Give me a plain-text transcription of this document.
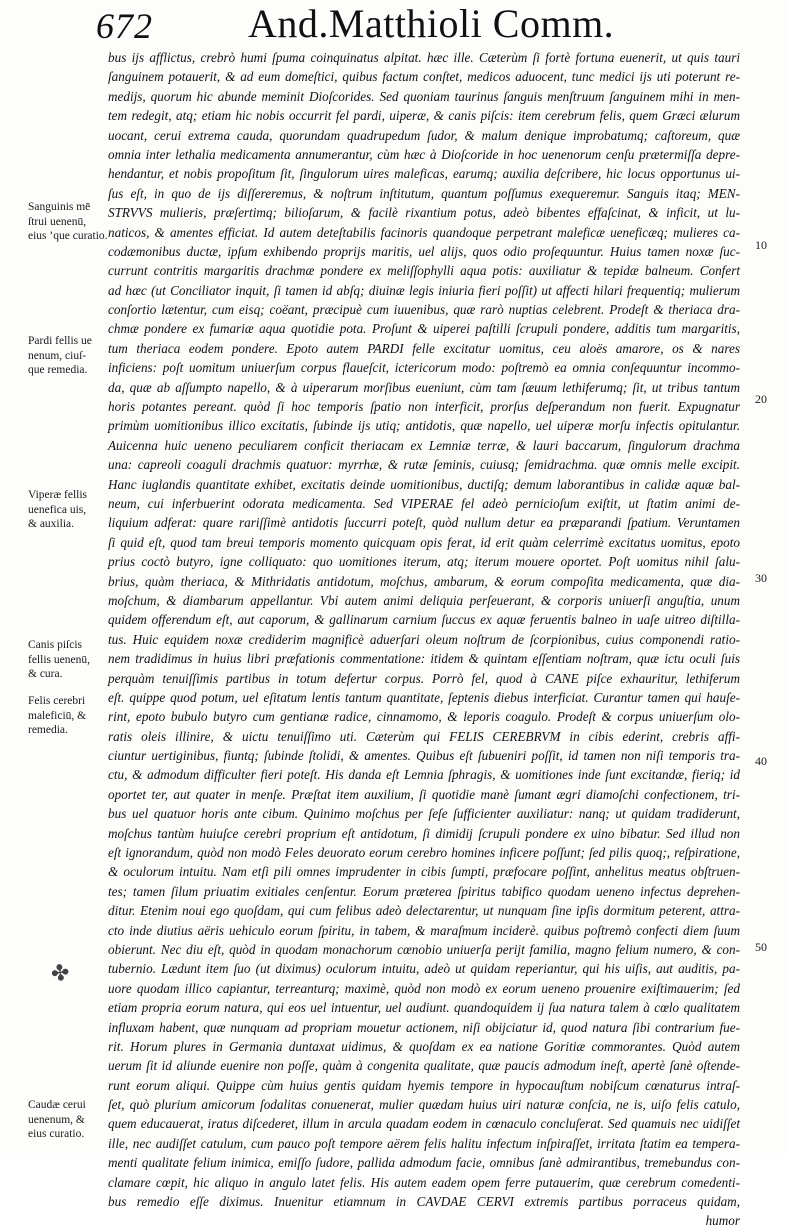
672 And.Matthioli Comm.
Sanguinis mē
ſtrui uenenū,
eius ’que curatio.
Pardi fellis ue
nenum, ciuſ-
que remedia.
Viperæ fellis
uenefica uis,
& auxilia.
Canis piſcis
fellis uenenū,
& cura.
Felis cerebri
maleficiū, &
remedia.
Caudæ cerui
uenenum, &
eius curatio.
✤
10
20
30
40
50
bus ijs afflictus, crebrò humi ſpuma coinquinatus alpitat. hæc ille. Cæterùm ſi fortè fortuna euenerit, ut quis tauri
ſanguinem potauerit, & ad eum domeſtici, quibus factum conſtet, medicos aduocent, tunc medici ijs uti poterunt re-
medijs, quorum hic abunde meminit Dioſcorides. Sed quoniam taurinus ſanguis menſtruum ſanguinem mihi in men-
tem redegit, atq; etiam hic nobis occurrit fel pardi, uiperæ, & canis piſcis: item cerebrum felis, quem Græci ælurum
uocant, cerui extrema cauda, quorundam quadrupedum ſudor, & malum denique improbatumq; caſtoreum, quæ
omnia inter lethalia medicamenta annumerantur, cùm hæc à Dioſcoride in hoc uenenorum cenſu prætermiſſa depre-
hendantur, et nobis propoſitum ſit, ſingulorum uires maleficas, earumq; auxilia deſcribere, hic locus opportunus ui-
ſus eſt, in quo de ijs diſſereremus, & noſtrum inſtitutum, quantum poſſumus exequeremur. Sanguis itaq; MEN-
STRVVS mulieris, præſertimq; bilioſarum, & facilè rixantium potus, adeò bibentes effaſcinat, & inficit, ut lu-
naticos, & amentes efficiat. Id autem deteſtabilis facinoris quandoque perpetrant maleficæ ueneficæq; mulieres ca-
codæmonibus ductæ, ipſum exhibendo proprijs maritis, uel alijs, quos odio proſequuntur. Huius tamen noxæ ſuc-
currunt contritis margaritis drachmæ pondere ex meliſſophylli aqua potis: auxiliatur & tepidæ balneum. Confert
ad hæc (ut Conciliator inquit, ſi tamen id abſq; diuinæ legis iniuria fieri poſſit) ut affecti hilari frequentiq; mulierum
conſortio lætentur, cum eisq; coëant, præcipuè cum iuuenibus, quæ rarò nuptias celebrent. Prodeſt & theriaca dra-
chmæ pondere ex fumariæ aqua quotidie pota. Proſunt & uiperei paſtilli ſcrupuli pondere, additis tum margaritis,
tum theriaca eodem pondere. Epoto autem PARDI felle excitatur uomitus, ceu aloës amarore, os & nares
inficiens: poſt uomitum uniuerſum corpus flaueſcit, ictericorum modo: poſtremò ea omnia conſequuntur incommo-
da, quæ ab aſſumpto napello, & à uiperarum morſibus eueniunt, cùm tam ſæuum lethiferumq; ſit, ut tribus tantum
horis potantes pereant. quòd ſi hoc temporis ſpatio non interficit, prorſus deſperandum non fuerit. Expugnatur
primùm uomitionibus illico excitatis, ſubinde ijs utiq; antidotis, quæ napello, uel uiperæ morſu infectis opitulantur.
Auicenna huic ueneno peculiarem conficit theriacam ex Lemniæ terræ, & lauri baccarum, ſingulorum drachma
una: capreoli coaguli drachmis quatuor: myrrhæ, & rutæ ſeminis, cuiusq; ſemidrachma. quæ omnis melle excipit.
Hanc iuglandis quantitate exhibet, excitatis deinde uomitionibus, ductiſq; demum laborantibus in calidæ aquæ bal-
neum, cui inferbuerint odorata medicamenta. Sed VIPERAE fel adeò pernicioſum exiſtit, ut ſtatim animi de-
liquium adferat: quare rariſſimè antidotis ſuccurri poteſt, quòd nullum detur ea præparandi ſpatium. Veruntamen
ſi quid eſt, quod tam breui temporis momento quicquam opis ferat, id erit quàm celerrimè excitatus uomitus, epoto
prius coctò butyro, igne colliquato: quo uomitiones iterum, atq; iterum mouere oportet. Poſt uomitus nihil ſalu-
brius, quàm theriaca, & Mithridatis antidotum, moſchus, ambarum, & eorum compoſita medicamenta, quæ dia-
moſchum, & diambarum appellantur. Vbi autem animi deliquia perſeuerant, & corporis uniuerſi anguſtia, unum
quidem offerendum eſt, aut caporum, & gallinarum carnium ſuccus ex aquæ feruentis balneo in uaſe uitreo diſtilla-
tus. Huic equidem noxæ crediderim magnificè aduerſari oleum noſtrum de ſcorpionibus, cuius componendi ratio-
nem tradidimus in huius libri præfationis commentatione: itidem & quintam eſſentiam noſtram, quæ ictu oculi ſuis
perquàm tenuiſſimis partibus in totum defertur corpus. Porrò fel, quod à CANE piſce exhauritur, lethiferum
eſt. quippe quod potum, uel eſitatum lentis tantum quantitate, ſeptenis diebus interficiat. Curantur tamen qui hauſe-
rint, epoto bubulo butyro cum gentianæ radice, cinnamomo, & leporis coagulo. Prodeſt & corpus uniuerſum olo-
ratis oleis illinire, & uictu tenuiſſimo uti. Cæterùm qui FELIS CEREBRVM in cibis ederint, crebris affi-
ciuntur uertiginibus, fiuntq; ſubinde ſtolidi, & amentes. Quibus eſt ſubueniri poſſit, id tamen non niſi temporis tra-
ctu, & admodum difficulter fieri poteſt. His danda eſt Lemnia ſphragis, & uomitiones inde ſunt excitandæ, fieriq; id
oportet ter, aut quater in menſe. Præſtat item auxilium, ſi quotidie manè ſumant ægri diamoſchi confectionem, tri-
bus uel quatuor horis ante cibum. Quinimo moſchus per ſeſe ſufficienter auxiliatur: nanq; ut quidam tradiderunt,
moſchus tantùm huiuſce cerebri proprium eſt antidotum, ſi dimidij ſcrupuli pondere ex uino bibatur. Sed illud non
eſt ignorandum, quòd non modò Feles deuorato eorum cerebro homines inficere poſſunt; ſed pilis quoq;, reſpiratione,
& oculorum intuitu. Nam etſi pili omnes imprudenter in cibis ſumpti, præfocare poſſint, anhelitus meatus obſtruen-
tes; tamen ſilum priuatim exitiales cenſentur. Eorum præterea ſpiritus tabifico quodam ueneno infectus deprehen-
ditur. Etenim noui ego quoſdam, qui cum felibus adeò delectarentur, ut nunquam ſine ipſis dormitum peterent, attra-
cto inde diutius aëris uehiculo eorum ſpiritu, in tabem, & maraſmum inciderè. quibus poſtremò confecti diem ſuum
obierunt. Nec diu eſt, quòd in quodam monachorum cœnobio uniuerſa perijt familia, magno felium numero, & con-
tubernio. Lædunt item ſuo (ut diximus) oculorum intuitu, adeò ut quidam reperiantur, qui his uiſis, aut auditis, pa-
uore quodam illico capiantur, terreanturq; maximè, quòd non modò ex eorum ueneno prouenire exiſtimauerim; ſed
etiam propria eorum natura, qui eos uel intuentur, uel audiunt. quandoquidem ij ſua natura talem à cœlo qualitatem
influxam habent, quæ nunquam ad propriam mouetur actionem, niſi obijciatur id, quod natura ſibi contrarium fue-
rit. Horum plures in Germania duntaxat uidimus, & quoſdam ex ea natione Goritiæ commorantes. Quòd autem
uerum ſit id aliunde euenire non poſſe, quàm à congenita qualitate, quæ paucis admodum ineſt, apertè ſanè oſtende-
runt eorum aliqui. Quippe cùm huius gentis quidam hyemis tempore in hypocauſtum nobiſcum cœnaturus intraſ-
ſet, quò plurium amicorum ſodalitas conuenerat, mulier quædam huius uiri naturæ conſcia, ne is, uiſo felis catulo,
quem educauerat, iratus diſcederet, illum in arcula quadam eodem in cœnaculo concluſerat. Sed quamuis nec uidiſſet
ille, nec audiſſet catulum, cum pauco poſt tempore aërem felis halitu infectum inſpiraſſet, irritata ſtatim ea tempera-
menti qualitate felium inimica, emiſſo ſudore, pallida admodum facie, omnibus ſanè admirantibus, tremebundus con-
clamare cœpit, hic aliquo in angulo latet felis. His autem eadem opem ferre putauerim, quæ cerebrum comedenti-
bus remedio eſſe diximus. Inuenitur etiamnum in CAVDAE CERVI extremis partibus porraceus quidam,
humor
